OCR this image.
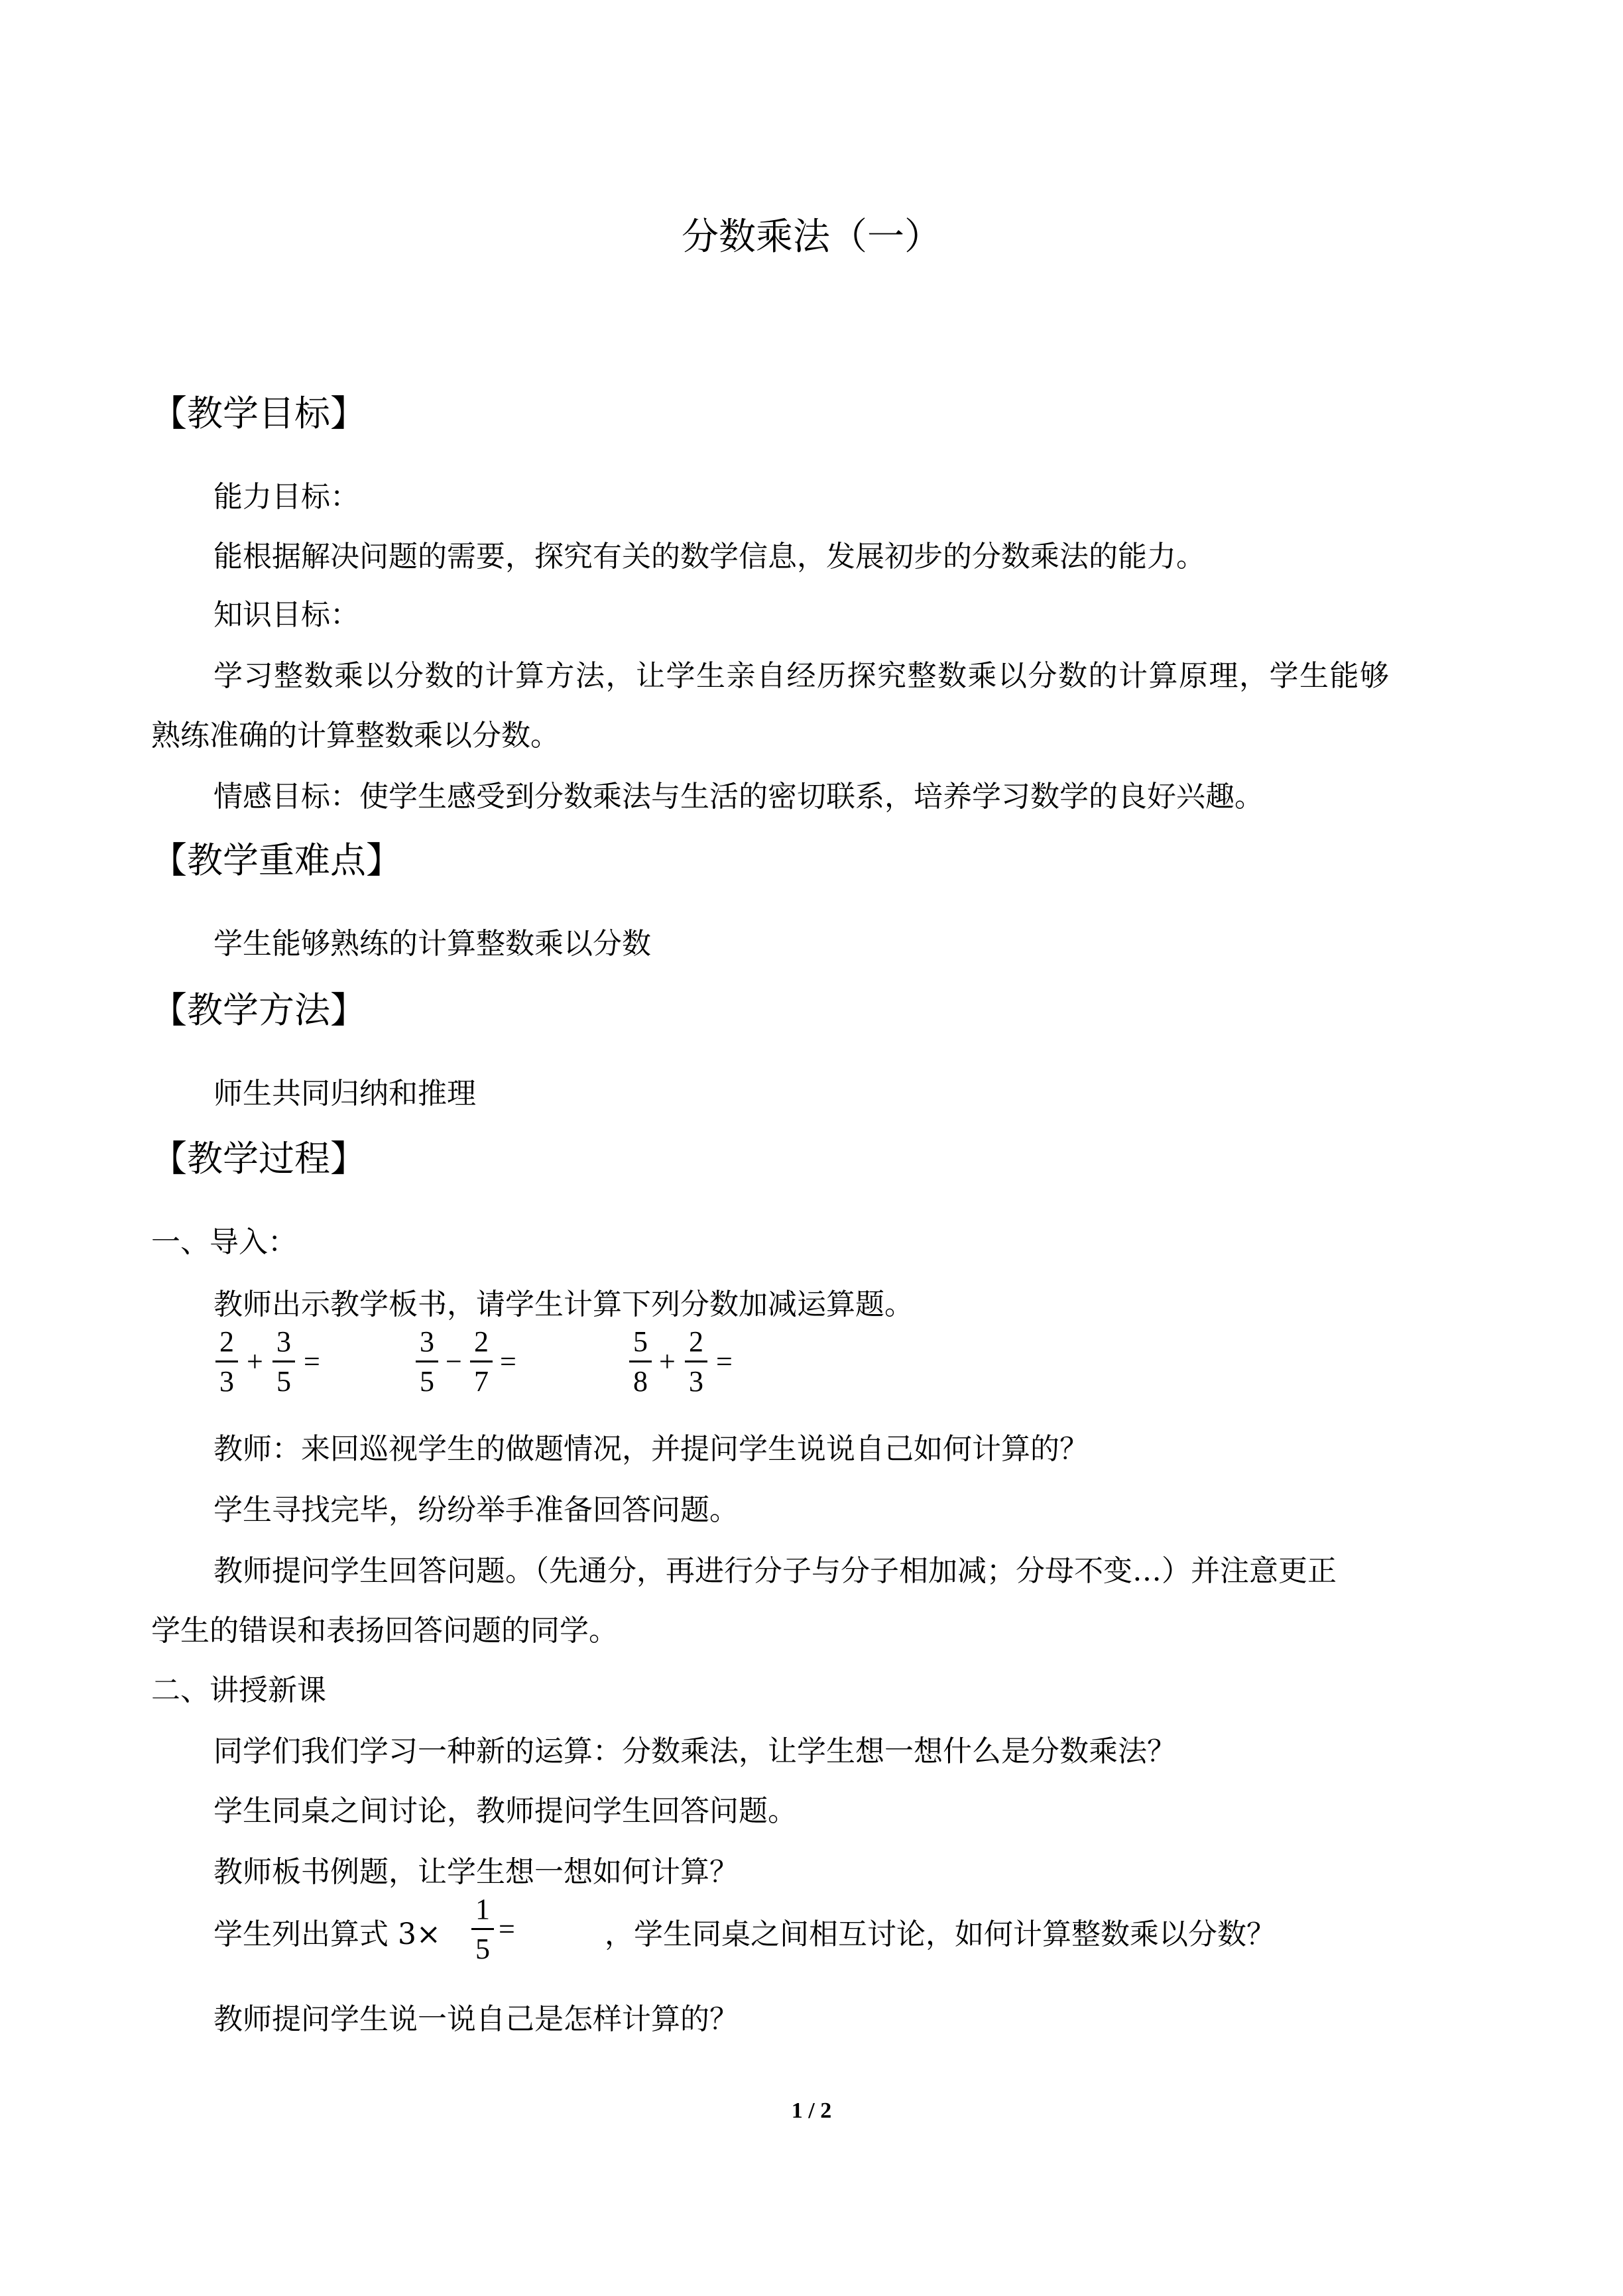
分数乘法（一）
【教学目标】
能力目标：
能根据解决问题的需要，探究有关的数学信息，发展初步的分数乘法的能力。
知识目标：
学习整数乘以分数的计算方法，让学生亲自经历探究整数乘以分数的计算原理，学生能够
熟练准确的计算整数乘以分数。
情感目标：使学生感受到分数乘法与生活的密切联系，培养学习数学的良好兴趣。
【教学重难点】
学生能够熟练的计算整数乘以分数
【教学方法】
师生共同归纳和推理
【教学过程】
一、导入：
教师出示教学板书，请学生计算下列分数加减运算题。
2
3
+
3
5
=
3
5
−
2
7
=
5
8
+
2
3
=
教师：来回巡视学生的做题情况，并提问学生说说自己如何计算的？
学生寻找完毕，纷纷举手准备回答问题。
教师提问学生回答问题。（先通分，再进行分子与分子相加减；分母不变…）并注意更正
学生的错误和表扬回答问题的同学。
二、讲授新课
同学们我们学习一种新的运算：分数乘法，让学生想一想什么是分数乘法？
学生同桌之间讨论，教师提问学生回答问题。
教师板书例题，让学生想一想如何计算？
学生列出算式 3×
1
5
=	，学生同桌之间相互讨论，如何计算整数乘以分数？
教师提问学生说一说自己是怎样计算的？
1 / 2
